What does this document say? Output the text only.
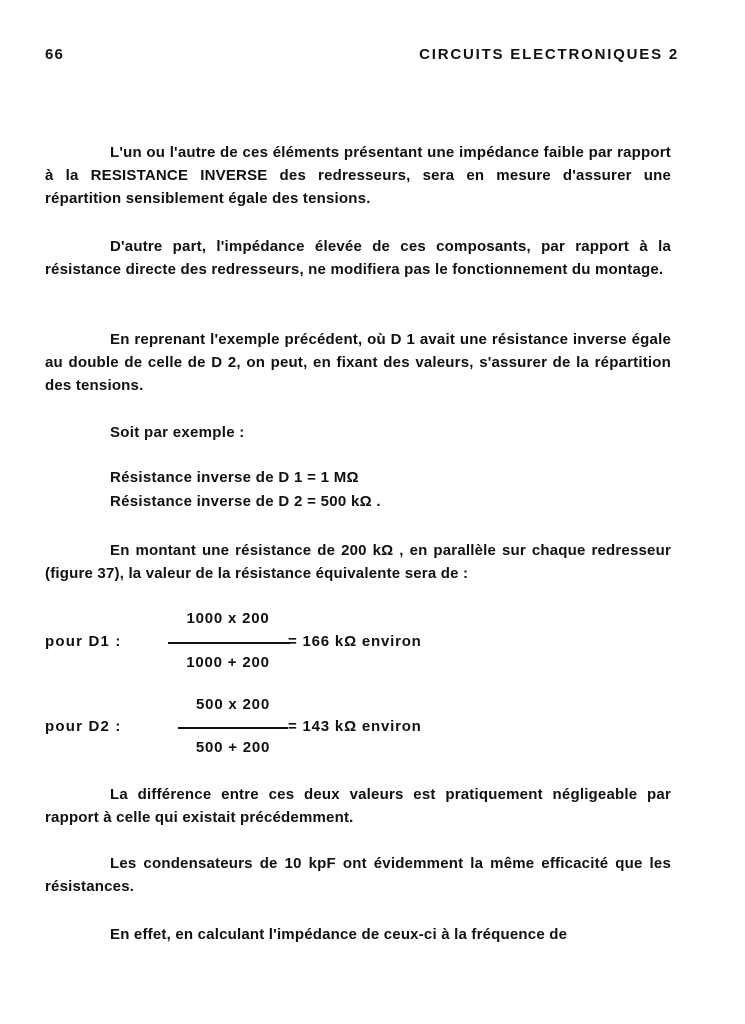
66	CIRCUITS ELECTRONIQUES 2
L'un ou l'autre de ces éléments présentant une impédance faible par rapport à la RESISTANCE INVERSE des redresseurs, sera en mesure d'assurer une répartition sensiblement égale des tensions.
D'autre part, l'impédance élevée de ces composants, par rapport à la résistance directe des redresseurs, ne modifiera pas le fonctionnement du montage.
En reprenant l'exemple précédent, où D 1 avait une résistance inverse égale au double de celle de D 2, on peut, en fixant des valeurs, s'assurer de la répartition des tensions.
Soit par exemple :
Résistance inverse de D 1 = 1 MΩ
Résistance inverse de D 2 = 500 kΩ .
En montant une résistance de 200 kΩ , en parallèle sur chaque redresseur (figure 37), la valeur de la résistance équivalente sera de :
1000 x 200
pour D1 :	= 166 kΩ environ
1000 + 200
500 x 200
pour D2 :	= 143 kΩ environ
500 + 200
La différence entre ces deux valeurs est pratiquement négligeable par rapport à celle qui existait précédemment.
Les condensateurs de 10 kpF ont évidemment la même efficacité que les résistances.
En effet, en calculant l'impédance de ceux-ci à la fréquence de
